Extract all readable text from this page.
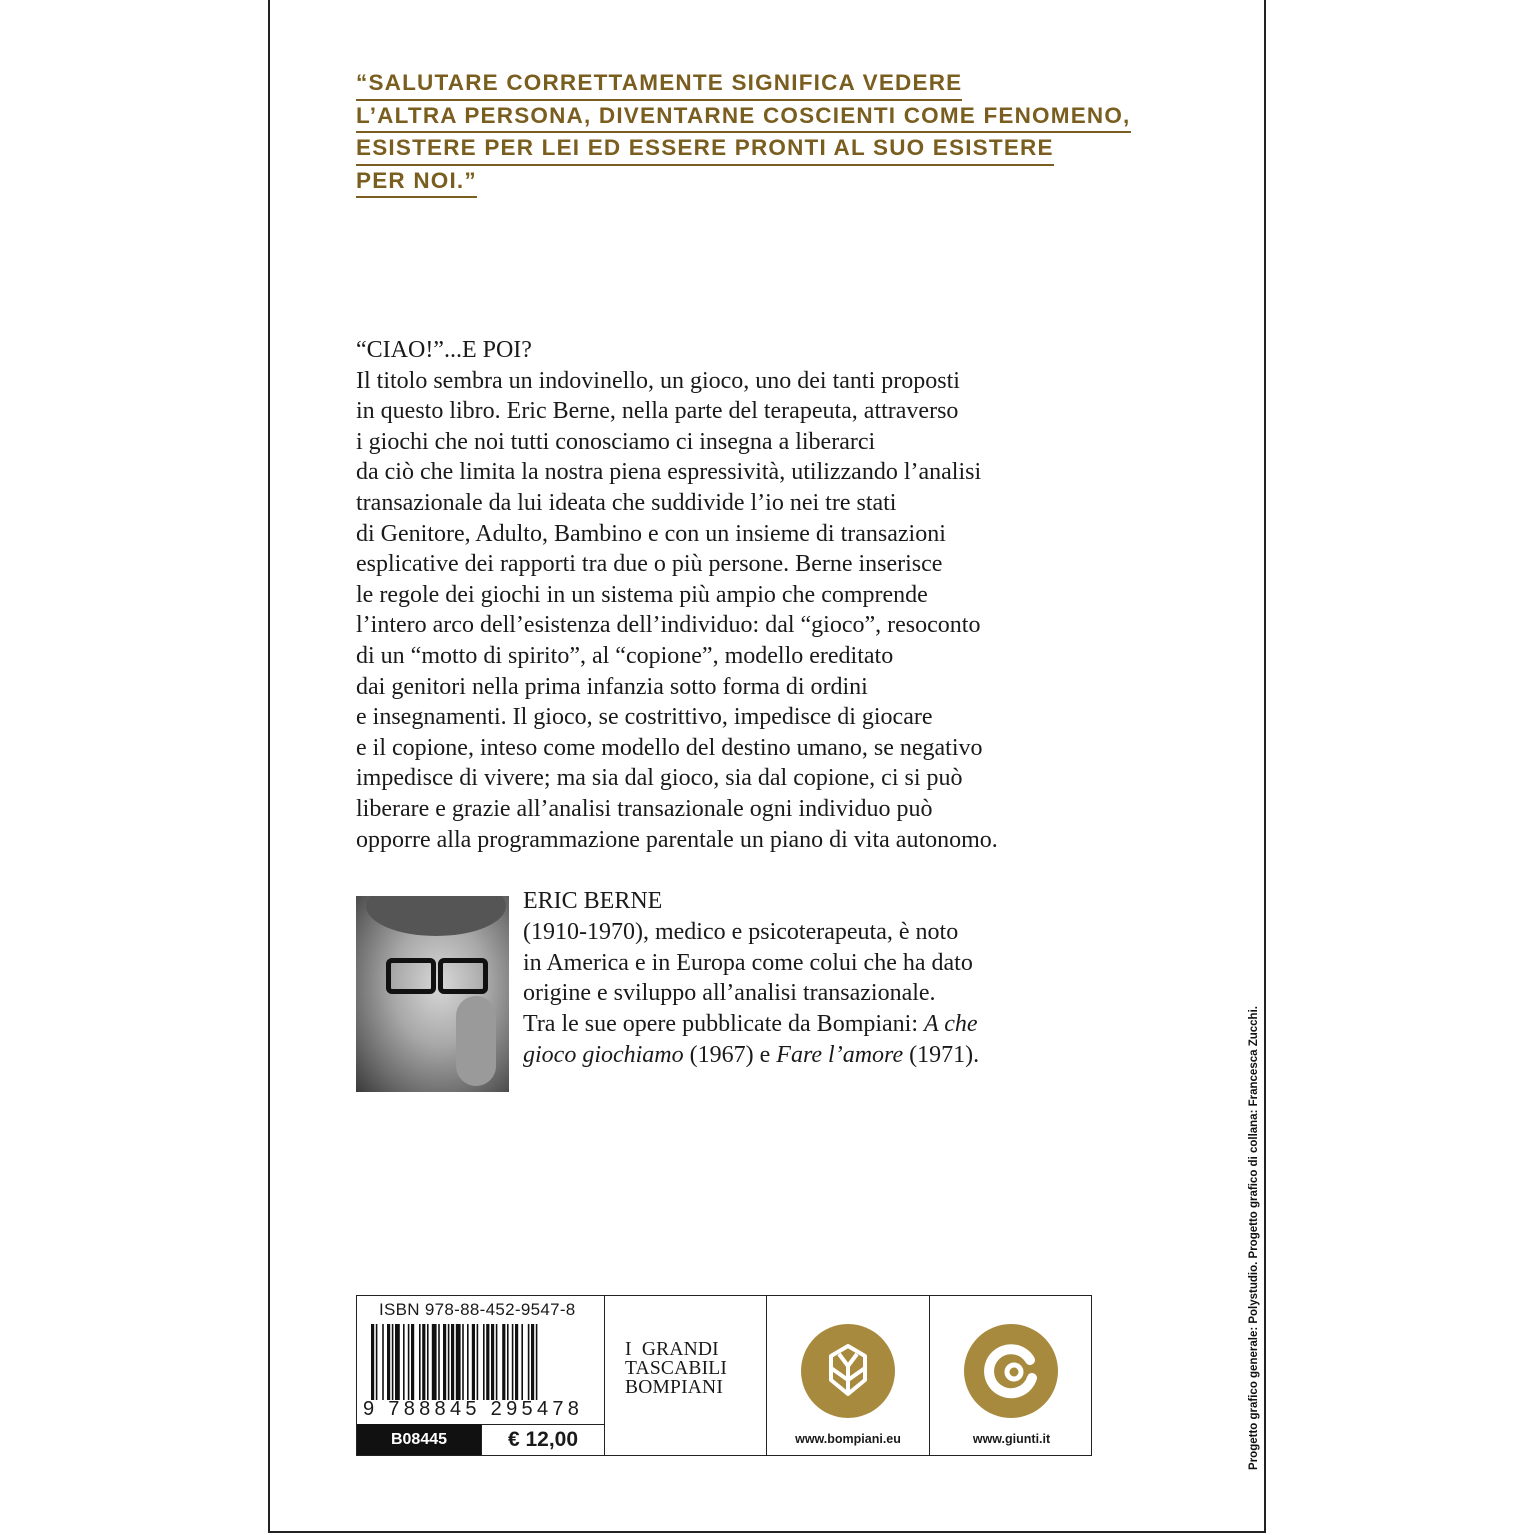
“SALUTARE CORRETTAMENTE SIGNIFICA VEDERE
L’ALTRA PERSONA, DIVENTARNE COSCIENTI COME FENOMENO,
ESISTERE PER LEI ED ESSERE PRONTI AL SUO ESISTERE
PER NOI.”
“CIAO!”...E POI?
Il titolo sembra un indovinello, un gioco, uno dei tanti proposti
in questo libro. Eric Berne, nella parte del terapeuta, attraverso
i giochi che noi tutti conosciamo ci insegna a liberarci
da ciò che limita la nostra piena espressività, utilizzando l’analisi
transazionale da lui ideata che suddivide l’io nei tre stati
di Genitore, Adulto, Bambino e con un insieme di transazioni
esplicative dei rapporti tra due o più persone. Berne inserisce
le regole dei giochi in un sistema più ampio che comprende
l’intero arco dell’esistenza dell’individuo: dal “gioco”, resoconto
di un “motto di spirito”, al “copione”, modello ereditato
dai genitori nella prima infanzia sotto forma di ordini
e insegnamenti. Il gioco, se costrittivo, impedisce di giocare
e il copione, inteso come modello del destino umano, se negativo
impedisce di vivere; ma sia dal gioco, sia dal copione, ci si può
liberare e grazie all’analisi transazionale ogni individuo può
opporre alla programmazione parentale un piano di vita autonomo.
ERIC BERNE
(1910-1970), medico e psicoterapeuta, è noto
in America e in Europa come colui che ha dato
origine e sviluppo all’analisi transazionale.
Tra le sue opere pubblicate da Bompiani: A che
gioco giochiamo (1967) e Fare l’amore (1971).
ISBN 978-88-452-9547-8
9 788845 295478
B08445	€ 12,00
I  GRANDI
TASCABILI
BOMPIANI
www.bompiani.eu	www.giunti.it	Progetto grafico generale: Polystudio. Progetto grafico di collana: Francesca Zucchi.
